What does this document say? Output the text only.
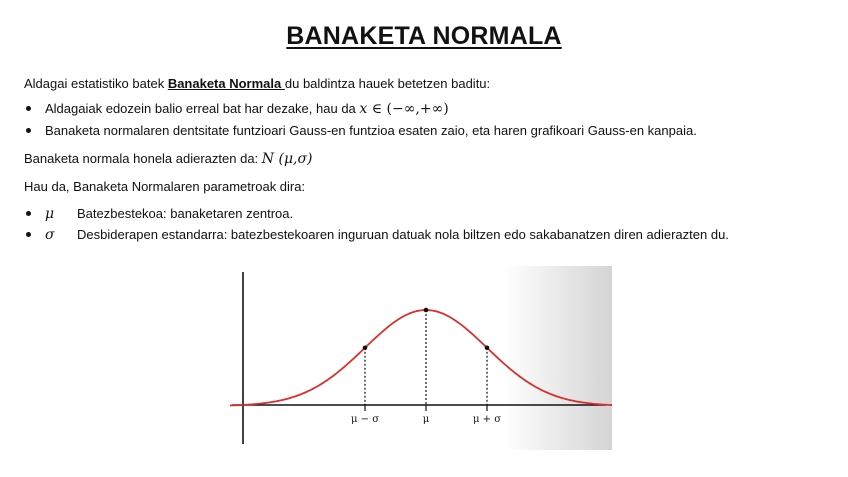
BANAKETA NORMALA
Aldagai estatistiko batek Banaketa Normala du baldintza hauek betetzen baditu:
Aldagaiak edozein balio erreal bat har dezake, hau da x ∈ (−∞,+∞)
Banaketa normalaren dentsitate funtzioari Gauss-en funtzioa esaten zaio, eta haren grafikoari Gauss-en kanpaia.
Banaketa normala honela adierazten da: N (μ,σ)
Hau da, Banaketa Normalaren parametroak dira:
μ Batezbestekoa: banaketaren zentroa.
σ Desbiderapen estandarra: batezbestekoaren inguruan datuak nola biltzen edo sakabanatzen diren adierazten du.
μ − σ	μ	μ + σ
